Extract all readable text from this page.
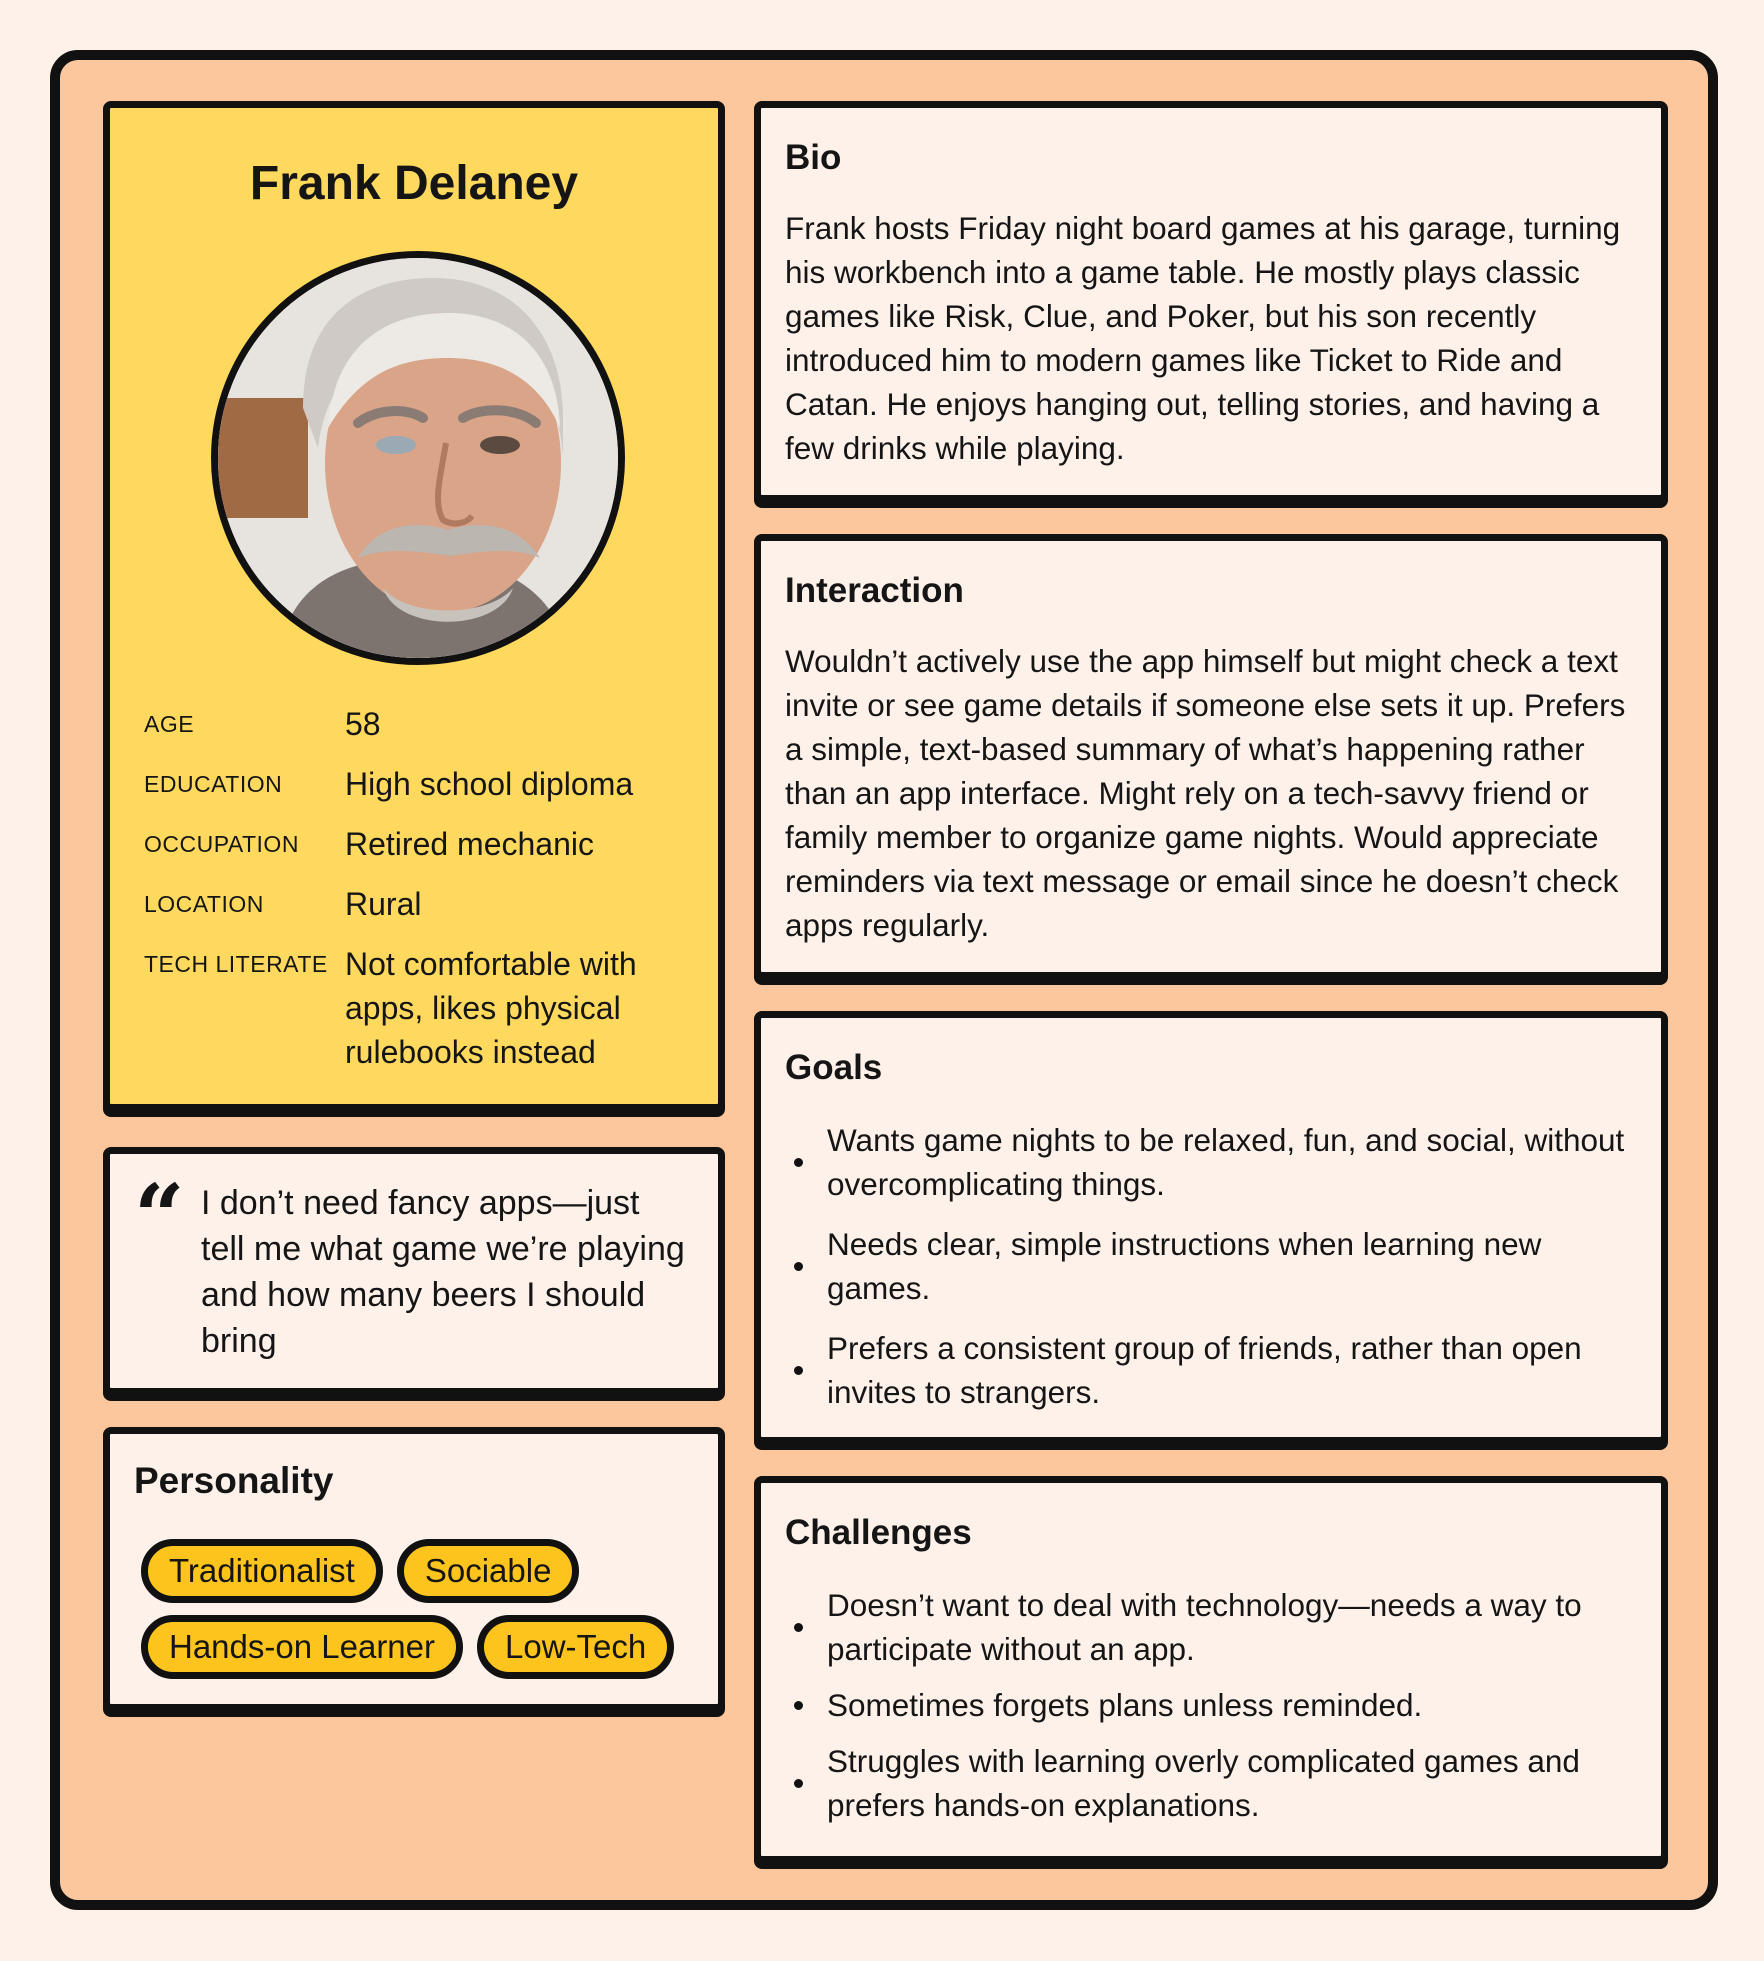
Frank Delaney
AGE	58
EDUCATION	High school diploma
OCCUPATION	Retired mechanic
LOCATION	Rural
TECH LITERATE Not comfortable with apps, likes physical rulebooks instead
“ I don’t need fancy apps—just tell me what game we’re playing and how many beers I should bring
Personality
Traditionalist	Sociable
Hands-on Learner	Low-Tech
Bio
Frank hosts Friday night board games at his garage, turning his workbench into a game table. He mostly plays classic games like Risk, Clue, and Poker, but his son recently introduced him to modern games like Ticket to Ride and Catan. He enjoys hanging out, telling stories, and having a few drinks while playing.
Interaction
Wouldn’t actively use the app himself but might check a text invite or see game details if someone else sets it up. Prefers a simple, text-based summary of what’s happening rather than an app interface. Might rely on a tech-savvy friend or family member to organize game nights. Would appreciate reminders via text message or email since he doesn’t check apps regularly.
Goals
Wants game nights to be relaxed, fun, and social, without overcomplicating things.
Needs clear, simple instructions when learning new games.
Prefers a consistent group of friends, rather than open invites to strangers.
Challenges
Doesn’t want to deal with technology—needs a way to participate without an app.
Sometimes forgets plans unless reminded.
Struggles with learning overly complicated games and prefers hands-on explanations.
